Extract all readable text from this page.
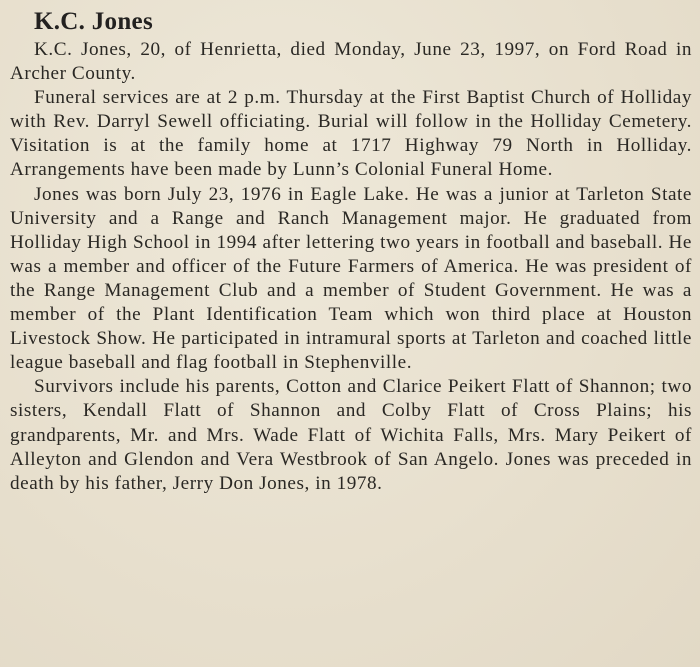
K.C. Jones

K.C. Jones, 20, of Henrietta, died Monday, June 23, 1997, on Ford Road in Archer County.

Funeral services are at 2 p.m. Thursday at the First Baptist Church of Holliday with Rev. Darryl Sewell officiating. Burial will follow in the Holliday Cemetery. Visitation is at the family home at 1717 Highway 79 North in Holliday. Arrangements have been made by Lunn’s Colonial Funeral Home.

Jones was born July 23, 1976 in Eagle Lake. He was a junior at Tarleton State University and a Range and Ranch Management major. He graduated from Holliday High School in 1994 after lettering two years in football and baseball. He was a member and officer of the Future Farmers of America. He was president of the Range Management Club and a member of Student Government. He was a member of the Plant Identification Team which won third place at Houston Livestock Show. He participated in intramural sports at Tarleton and coached little league baseball and flag football in Stephenville.

Survivors include his parents, Cotton and Clarice Peikert Flatt of Shannon; two sisters, Kendall Flatt of Shannon and Colby Flatt of Cross Plains; his grandparents, Mr. and Mrs. Wade Flatt of Wichita Falls, Mrs. Mary Peikert of Alleyton and Glendon and Vera Westbrook of San Angelo. Jones was preceded in death by his father, Jerry Don Jones, in 1978.
